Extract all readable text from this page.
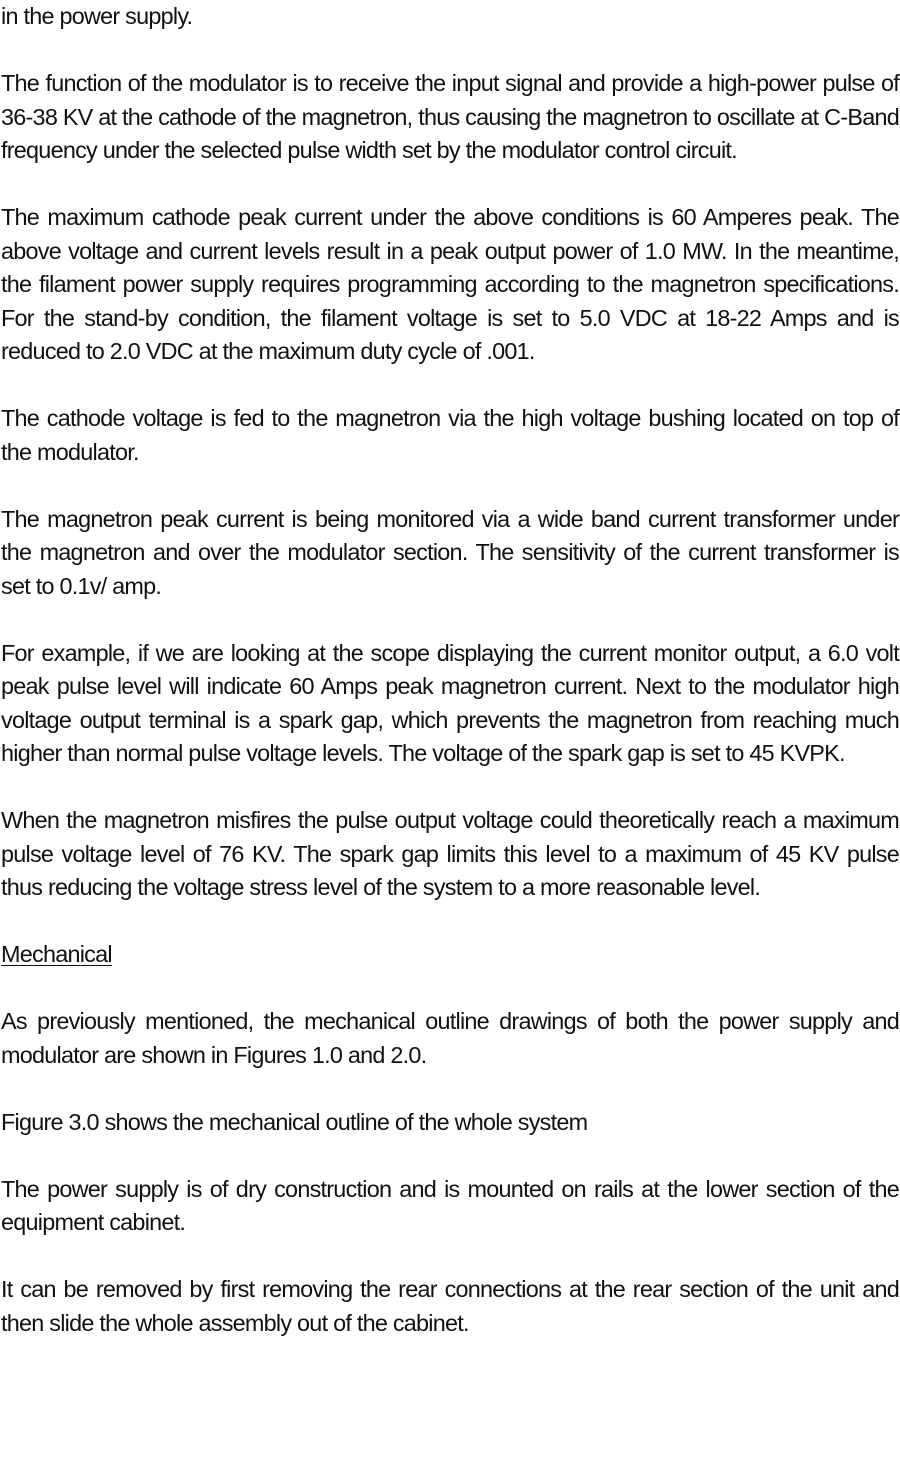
in the power supply.

The function of the modulator is to receive the input signal and provide a high-power pulse of 36-38 KV at the cathode of the magnetron, thus causing the magnetron to oscillate at C-Band frequency under the selected pulse width set by the modulator control circuit.

The maximum cathode peak current under the above conditions is 60 Amperes peak. The above voltage and current levels result in a peak output power of 1.0 MW. In the meantime, the filament power supply requires programming according to the magnetron specifications. For the stand-by condition, the filament voltage is set to 5.0 VDC at 18-22 Amps and is reduced to 2.0 VDC at the maximum duty cycle of .001.

The cathode voltage is fed to the magnetron via the high voltage bushing located on top of the modulator.

The magnetron peak current is being monitored via a wide band current transformer under the magnetron and over the modulator section. The sensitivity of the current transformer is set to 0.1v/ amp.

For example, if we are looking at the scope displaying the current monitor output, a 6.0 volt peak pulse level will indicate 60 Amps peak magnetron current. Next to the modulator high voltage output terminal is a spark gap, which prevents the magnetron from reaching much higher than normal pulse voltage levels. The voltage of the spark gap is set to 45 KVPK.

When the magnetron misfires the pulse output voltage could theoretically reach a maximum pulse voltage level of 76 KV. The spark gap limits this level to a maximum of 45 KV pulse thus reducing the voltage stress level of the system to a more reasonable level.

Mechanical

As previously mentioned, the mechanical outline drawings of both the power supply and modulator are shown in Figures 1.0 and 2.0.

Figure 3.0 shows the mechanical outline of the whole system

The power supply is of dry construction and is mounted on rails at the lower section of the equipment cabinet.

It can be removed by first removing the rear connections at the rear section of the unit and then slide the whole assembly out of the cabinet.
